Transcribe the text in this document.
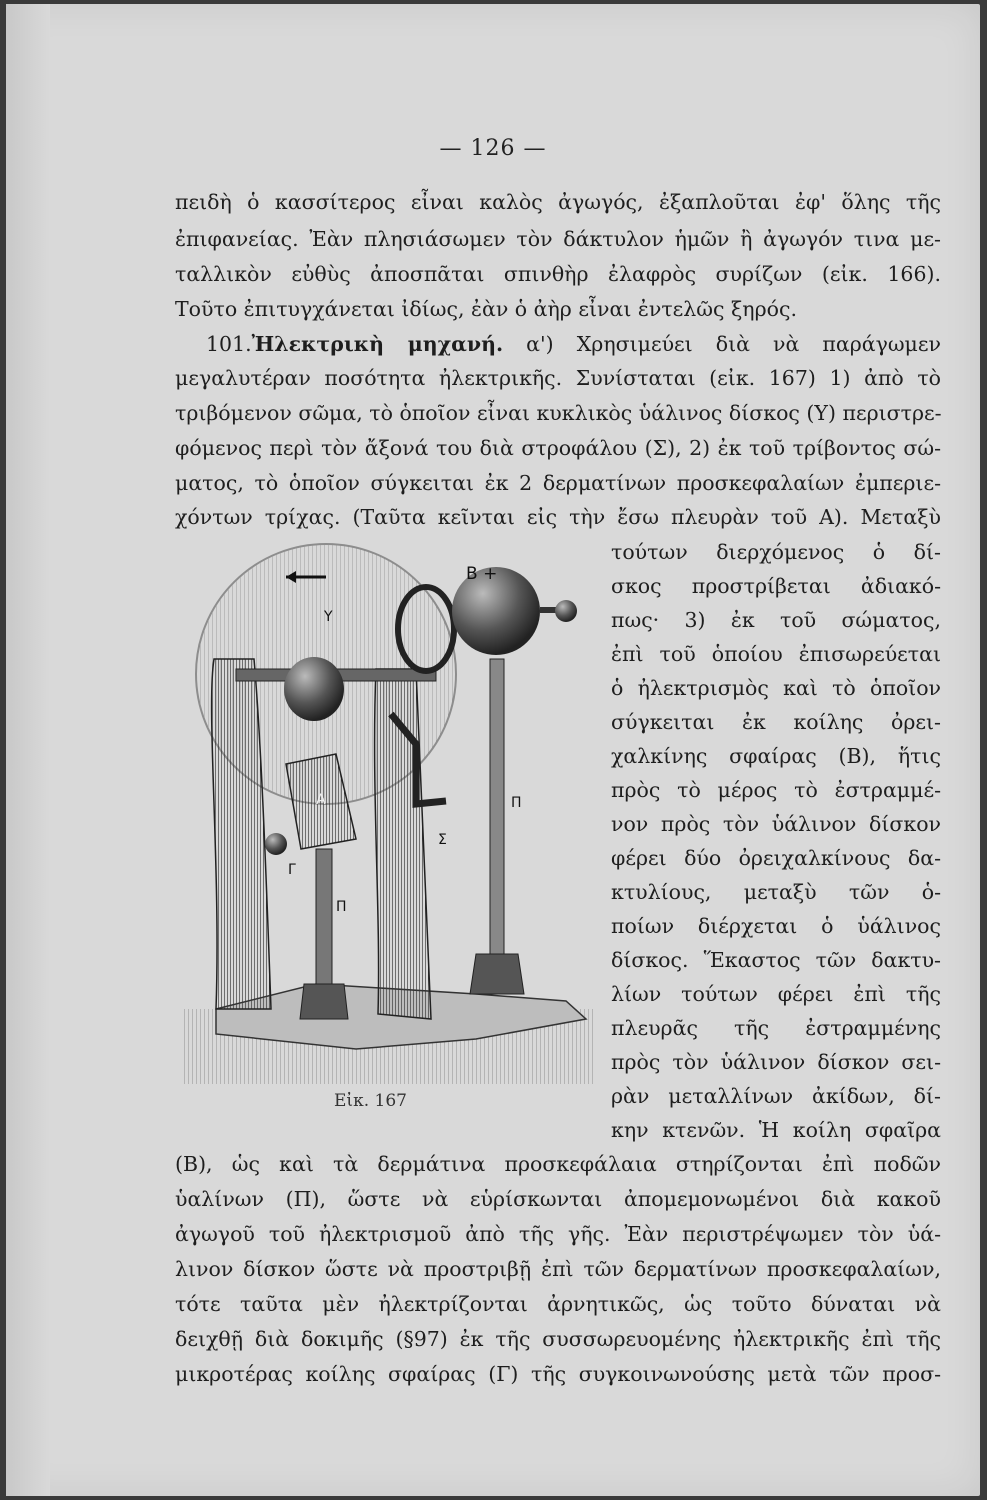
— 126 —
πειδὴ ὁ κασσίτερος εἶναι καλὸς ἀγωγός, ἐξαπλοῦται ἐφ' ὅλης τῆς
ἐπιφανείας. Ἐὰν πλησιάσωμεν τὸν δάκτυλον ἡμῶν ἢ ἀγωγόν τινα με-
ταλλικὸν εὐθὺς ἀποσπᾶται σπινθὴρ ἐλαφρὸς συρίζων (εἰκ. 166).
Τοῦτο ἐπιτυγχάνεται ἰδίως, ἐὰν ὁ ἀὴρ εἶναι ἐντελῶς ξηρός.
101.Ἠλεκτρικὴ μηχανή. α') Χρησιμεύει διὰ νὰ παράγωμεν
μεγαλυτέραν ποσότητα ἠλεκτρικῆς. Συνίσταται (εἰκ. 167) 1) ἀπὸ τὸ
τριβόμενον σῶμα, τὸ ὁποῖον εἶναι κυκλικὸς ὑάλινος δίσκος (Υ) περιστρε-
φόμενος περὶ τὸν ἄξονά του διὰ στροφάλου (Σ), 2) ἐκ τοῦ τρίβοντος σώ-
ματος, τὸ ὁποῖον σύγκειται ἐκ 2 δερματίνων προσκεφαλαίων ἐμπεριε-
χόντων τρίχας. (Ταῦτα κεῖνται εἰς τὴν ἔσω πλευρὰν τοῦ Α). Μεταξὺ
τούτων διερχόμενος ὁ δί-
σκος προστρίβεται ἀδιακό-
πως· 3) ἐκ τοῦ σώματος,
ἐπὶ τοῦ ὁποίου ἐπισωρεύεται
ὁ ἠλεκτρισμὸς καὶ τὸ ὁποῖον
σύγκειται ἐκ κοίλης ὀρει-
χαλκίνης σφαίρας (Β), ἥτις
πρὸς τὸ μέρος τὸ ἐστραμμέ-
νον πρὸς τὸν ὑάλινον δίσκον
φέρει δύο ὀρειχαλκίνους δα-
κτυλίους, μεταξὺ τῶν ὁ-
ποίων διέρχεται ὁ ὑάλινος
δίσκος. Ἕκαστος τῶν δακτυ-
λίων τούτων φέρει ἐπὶ τῆς
πλευρᾶς τῆς ἐστραμμένης
πρὸς τὸν ὑάλινον δίσκον σει-
ρὰν μεταλλίνων ἀκίδων, δί-
κην κτενῶν. Ἡ κοίλη σφαῖρα
(Β), ὡς καὶ τὰ δερμάτινα προσκεφάλαια στηρίζονται ἐπὶ ποδῶν
ὑαλίνων (Π), ὥστε νὰ εὑρίσκωνται ἀπομεμονωμένοι διὰ κακοῦ
ἀγωγοῦ τοῦ ἠλεκτρισμοῦ ἀπὸ τῆς γῆς. Ἐὰν περιστρέψωμεν τὸν ὑά-
λινον δίσκον ὥστε νὰ προστριβῇ ἐπὶ τῶν δερματίνων προσκεφαλαίων,
τότε ταῦτα μὲν ἠλεκτρίζονται ἀρνητικῶς, ὡς τοῦτο δύναται νὰ
δειχθῇ διὰ δοκιμῆς (§97) ἐκ τῆς συσσωρευομένης ἠλεκτρικῆς ἐπὶ τῆς
μικροτέρας κοίλης σφαίρας (Γ) τῆς συγκοινωνούσης μετὰ τῶν προσ-
Β +
Υ
Α
Σ
Π
Γ
Π
Εἰκ. 167
